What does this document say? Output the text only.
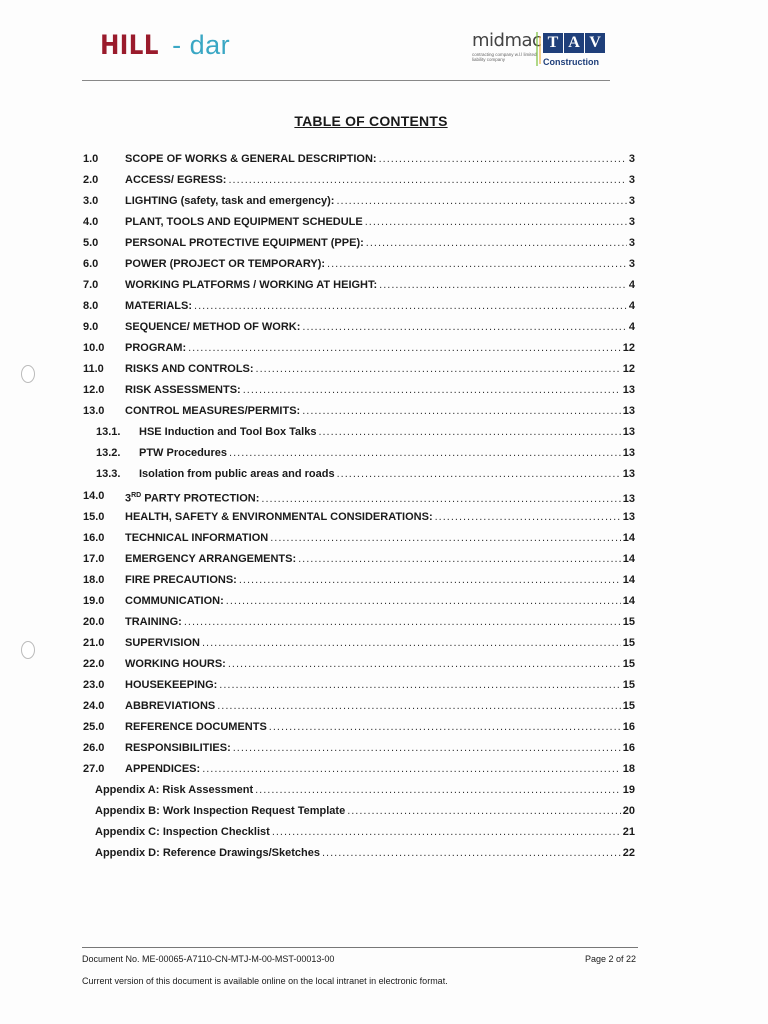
HILL - dar	midmac
contracting company w.l.l limited liability company
T A V
Construction
TABLE OF CONTENTS
1.0 SCOPE OF WORKS & GENERAL DESCRIPTION: .....	3
2.0 ACCESS/ EGRESS: .....	3
3.0 LIGHTING (safety, task and emergency): .....	3
4.0 PLANT, TOOLS AND EQUIPMENT SCHEDULE .....	3
5.0 PERSONAL PROTECTIVE EQUIPMENT (PPE): .....	3
6.0 POWER (PROJECT OR TEMPORARY): .....	3
7.0 WORKING PLATFORMS / WORKING AT HEIGHT: .....	4
8.0 MATERIALS: .....	4
9.0 SEQUENCE/ METHOD OF WORK: .....	4
10.0 PROGRAM: .....	12
11.0 RISKS AND CONTROLS: .....	12
12.0 RISK ASSESSMENTS: .....	13
13.0 CONTROL MEASURES/PERMITS: .....	13
13.1. HSE Induction and Tool Box Talks .....	13
13.2. PTW Procedures .....	13
13.3. Isolation from public areas and roads .....	13
14.0 3RD PARTY PROTECTION: .....	13
15.0 HEALTH, SAFETY & ENVIRONMENTAL CONSIDERATIONS: .....	13
16.0 TECHNICAL INFORMATION .....	14
17.0 EMERGENCY ARRANGEMENTS: .....	14
18.0 FIRE PRECAUTIONS: .....	14
19.0 COMMUNICATION: .....	14
20.0 TRAINING: .....	15
21.0 SUPERVISION .....	15
22.0 WORKING HOURS: .....	15
23.0 HOUSEKEEPING: .....	15
24.0 ABBREVIATIONS .....	15
25.0 REFERENCE DOCUMENTS .....	16
26.0 RESPONSIBILITIES: .....	16
27.0 APPENDICES: .....	18
Appendix A: Risk Assessment .....	19
Appendix B: Work Inspection Request Template .....	20
Appendix C: Inspection Checklist .....	21
Appendix D: Reference Drawings/Sketches .....	22
Document No. ME-00065-A7110-CN-MTJ-M-00-MST-00013-00	Page 2 of 22
Current version of this document is available online on the local intranet in electronic format.
